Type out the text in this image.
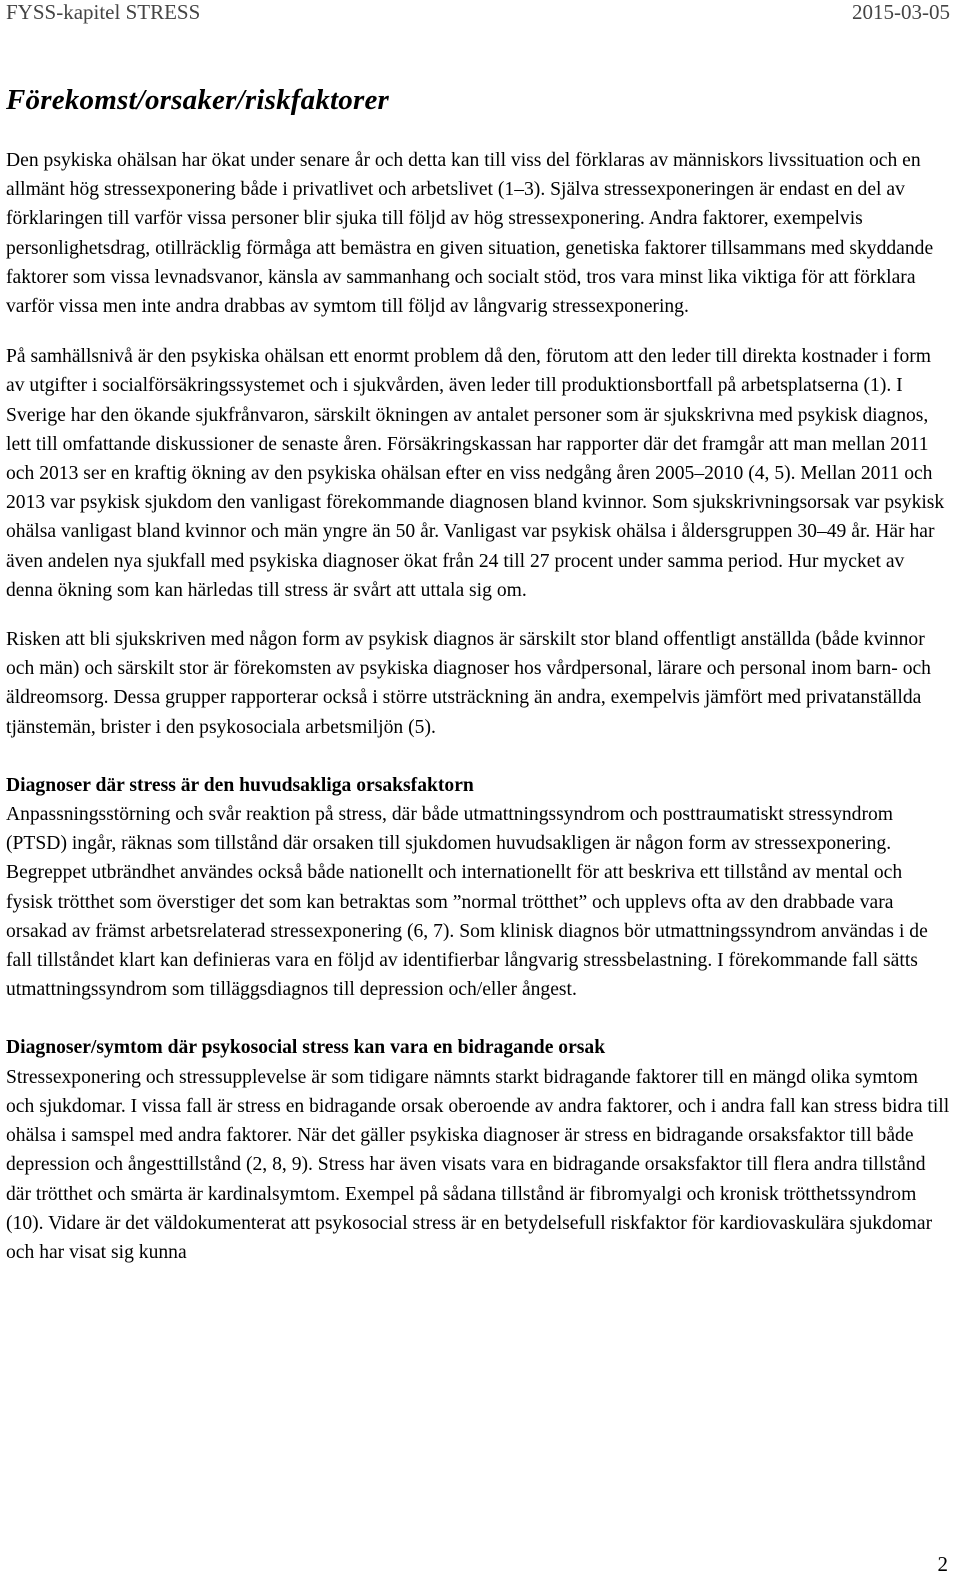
FYSS-kapitel STRESS	2015-03-05
Förekomst/orsaker/riskfaktorer

Den psykiska ohälsan har ökat under senare år och detta kan till viss del förklaras av människors livssituation och en allmänt hög stressexponering både i privatlivet och arbetslivet (1–3). Själva stressexponeringen är endast en del av förklaringen till varför vissa personer blir sjuka till följd av hög stressexponering. Andra faktorer, exempelvis personlighetsdrag, otillräcklig förmåga att bemästra en given situation, genetiska faktorer tillsammans med skyddande faktorer som vissa levnadsvanor, känsla av sammanhang och socialt stöd, tros vara minst lika viktiga för att förklara varför vissa men inte andra drabbas av symtom till följd av långvarig stressexponering.

På samhällsnivå är den psykiska ohälsan ett enormt problem då den, förutom att den leder till direkta kostnader i form av utgifter i socialförsäkringssystemet och i sjukvården, även leder till produktionsbortfall på arbetsplatserna (1). I Sverige har den ökande sjukfrånvaron, särskilt ökningen av antalet personer som är sjukskrivna med psykisk diagnos, lett till omfattande diskussioner de senaste åren. Försäkringskassan har rapporter där det framgår att man mellan 2011 och 2013 ser en kraftig ökning av den psykiska ohälsan efter en viss nedgång åren 2005–2010 (4, 5). Mellan 2011 och 2013 var psykisk sjukdom den vanligast förekommande diagnosen bland kvinnor. Som sjukskrivningsorsak var psykisk ohälsa vanligast bland kvinnor och män yngre än 50 år. Vanligast var psykisk ohälsa i åldersgruppen 30–49 år. Här har även andelen nya sjukfall med psykiska diagnoser ökat från 24 till 27 procent under samma period. Hur mycket av denna ökning som kan härledas till stress är svårt att uttala sig om.

Risken att bli sjukskriven med någon form av psykisk diagnos är särskilt stor bland offentligt anställda (både kvinnor och män) och särskilt stor är förekomsten av psykiska diagnoser hos vårdpersonal, lärare och personal inom barn- och äldreomsorg. Dessa grupper rapporterar också i större utsträckning än andra, exempelvis jämfört med privatanställda tjänstemän, brister i den psykosociala arbetsmiljön (5).

Diagnoser där stress är den huvudsakliga orsaksfaktorn

Anpassningsstörning och svår reaktion på stress, där både utmattningssyndrom och posttraumatiskt stressyndrom (PTSD) ingår, räknas som tillstånd där orsaken till sjukdomen huvudsakligen är någon form av stressexponering. Begreppet utbrändhet användes också både nationellt och internationellt för att beskriva ett tillstånd av mental och fysisk trötthet som överstiger det som kan betraktas som ”normal trötthet” och upplevs ofta av den drabbade vara orsakad av främst arbetsrelaterad stressexponering (6, 7). Som klinisk diagnos bör utmattningssyndrom användas i de fall tillståndet klart kan definieras vara en följd av identifierbar långvarig stressbelastning. I förekommande fall sätts utmattningssyndrom som tilläggsdiagnos till depression och/eller ångest.

Diagnoser/symtom där psykosocial stress kan vara en bidragande orsak

Stressexponering och stressupplevelse är som tidigare nämnts starkt bidragande faktorer till en mängd olika symtom och sjukdomar. I vissa fall är stress en bidragande orsak oberoende av andra faktorer, och i andra fall kan stress bidra till ohälsa i samspel med andra faktorer. När det gäller psykiska diagnoser är stress en bidragande orsaksfaktor till både depression och ångesttillstånd (2, 8, 9). Stress har även visats vara en bidragande orsaksfaktor till flera andra tillstånd där trötthet och smärta är kardinalsymtom. Exempel på sådana tillstånd är fibromyalgi och kronisk trötthetssyndrom (10). Vidare är det väldokumenterat att psykosocial stress är en betydelsefull riskfaktor för kardiovaskulära sjukdomar och har visat sig kunna

2
